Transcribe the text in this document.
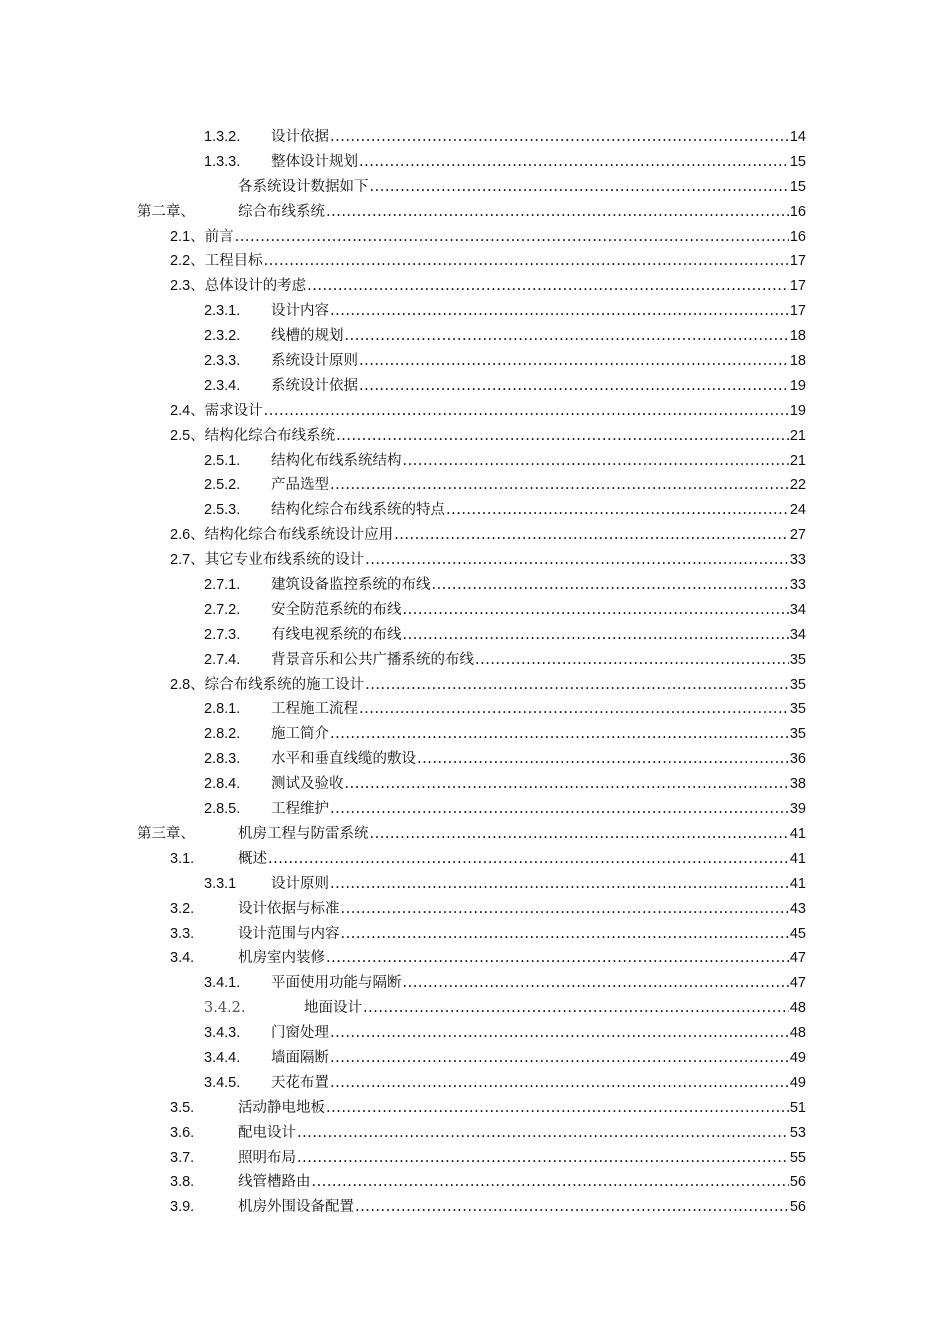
1.3.2.	设计依据 .....	14
1.3.3.	整体设计规划 .....	15
各系统设计数据如下 .....	15
第二章、	综合布线系统 .....	16
2.1、 前言 .....	16
2.2、 工程目标 .....	17
2.3、 总体设计的考虑 .....	17
2.3.1.	设计内容 .....	17
2.3.2.	线槽的规划 .....	18
2.3.3.	系统设计原则 .....	18
2.3.4.	系统设计依据 .....	19
2.4、 需求设计 .....	19
2.5、 结构化综合布线系统 .....	21
2.5.1.	结构化布线系统结构 .....	21
2.5.2.	产品选型 .....	22
2.5.3.	结构化综合布线系统的特点 .....	24
2.6、 结构化综合布线系统设计应用 .....	27
2.7、 其它专业布线系统的设计 .....	33
2.7.1.	建筑设备监控系统的布线 .....	33
2.7.2.	安全防范系统的布线 .....	34
2.7.3.	有线电视系统的布线 .....	34
2.7.4.	背景音乐和公共广播系统的布线 .....	35
2.8、 综合布线系统的施工设计 .....	35
2.8.1.	工程施工流程 .....	35
2.8.2.	施工简介 .....	35
2.8.3.	水平和垂直线缆的敷设 .....	36
2.8.4.	测试及验收 .....	38
2.8.5.	工程维护 .....	39
第三章、	机房工程与防雷系统 .....	41
3.1.	概述 .....	41
3.3.1	设计原则 .....	41
3.2.	设计依据与标准 .....	43
3.3.	设计范围与内容 .....	45
3.4.	机房室内装修 .....	47
3.4.1.	平面使用功能与隔断 .....	47
3.4.2.	地面设计 .....	48
3.4.3.	门窗处理 .....	48
3.4.4.	墙面隔断 .....	49
3.4.5.	天花布置 .....	49
3.5.	活动静电地板 .....	51
3.6.	配电设计 .....	53
3.7.	照明布局 .....	55
3.8.	线管槽路由 .....	56
3.9.	机房外围设备配置 .....	56
